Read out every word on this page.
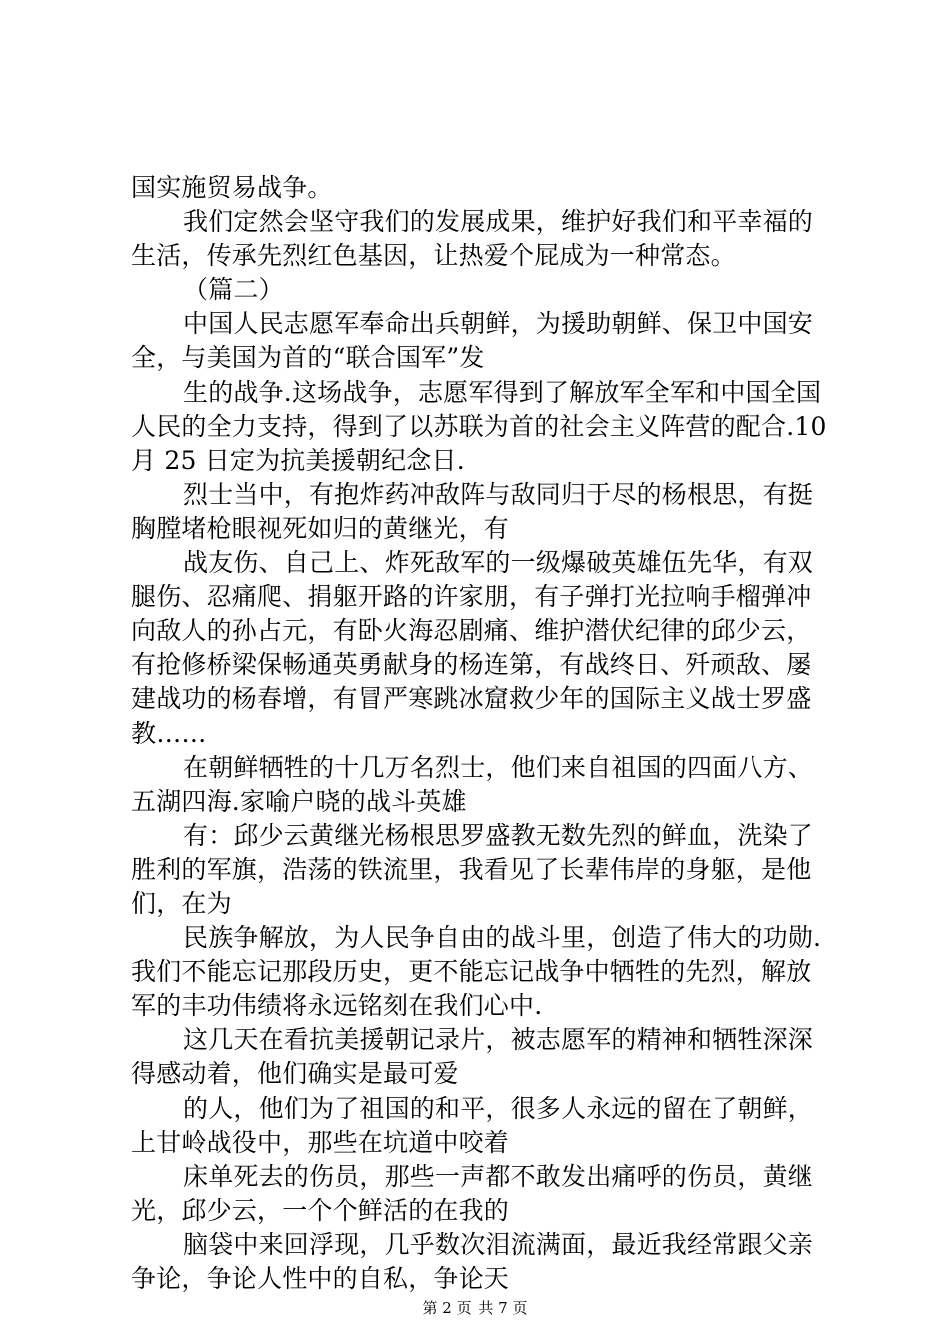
国实施贸易战争。
我们定然会坚守我们的发展成果，维护好我们和平幸福的
生活，传承先烈红色基因，让热爱个屁成为一种常态。
（篇二）
中国人民志愿军奉命出兵朝鲜，为援助朝鲜、保卫中国安
全，与美国为首的“联合国军”发
生的战争.这场战争，志愿军得到了解放军全军和中国全国
人民的全力支持，得到了以苏联为首的社会主义阵营的配合.10
月 25 日定为抗美援朝纪念日.
烈士当中，有抱炸药冲敌阵与敌同归于尽的杨根思，有挺
胸膛堵枪眼视死如归的黄继光，有
战友伤、自己上、炸死敌军的一级爆破英雄伍先华，有双
腿伤、忍痛爬、捐躯开路的许家朋，有子弹打光拉响手榴弹冲
向敌人的孙占元，有卧火海忍剧痛、维护潜伏纪律的邱少云，
有抢修桥梁保畅通英勇献身的杨连第，有战终日、歼顽敌、屡
建战功的杨春增，有冒严寒跳冰窟救少年的国际主义战士罗盛
教……
在朝鲜牺牲的十几万名烈士，他们来自祖国的四面八方、
五湖四海.家喻户晓的战斗英雄
有：邱少云黄继光杨根思罗盛教无数先烈的鲜血，洗染了
胜利的军旗，浩荡的铁流里，我看见了长辈伟岸的身躯，是他
们，在为
民族争解放，为人民争自由的战斗里，创造了伟大的功勋.
我们不能忘记那段历史，更不能忘记战争中牺牲的先烈，解放
军的丰功伟绩将永远铭刻在我们心中.
这几天在看抗美援朝记录片，被志愿军的精神和牺牲深深
得感动着，他们确实是最可爱
的人，他们为了祖国的和平，很多人永远的留在了朝鲜，
上甘岭战役中，那些在坑道中咬着
床单死去的伤员，那些一声都不敢发出痛呼的伤员，黄继
光，邱少云，一个个鲜活的在我的
脑袋中来回浮现，几乎数次泪流满面，最近我经常跟父亲
争论，争论人性中的自私，争论天
第 2 页 共 7 页
